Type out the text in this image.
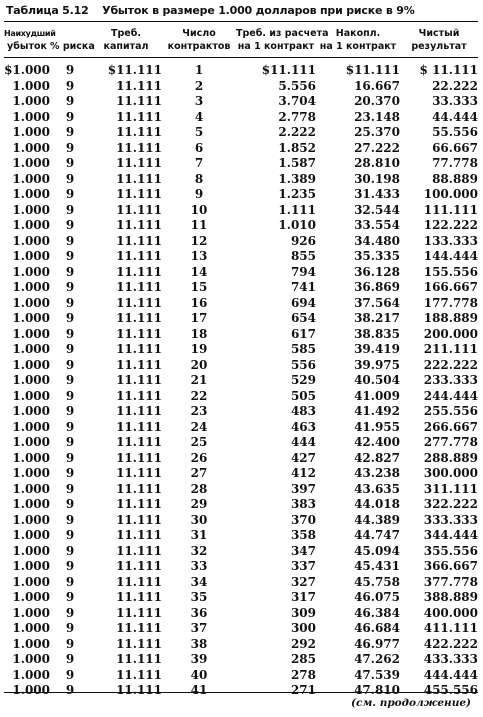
Таблица 5.12 Убыток в размере 1.000 долларов при риске в 9%
Наихудший		Треб.	Число	Треб. из расчета	Накопл.	Чистый
убыток	% риска	капитал	контрактов	на 1 контракт	на 1 контракт	результат
$1.000	9	$11.111	1	$11.111	$11.111	$ 11.111
1.000	9	11.111	2	5.556	16.667	22.222
1.000	9	11.111	3	3.704	20.370	33.333
1.000	9	11.111	4	2.778	23.148	44.444
1.000	9	11.111	5	2.222	25.370	55.556
1.000	9	11.111	6	1.852	27.222	66.667
1.000	9	11.111	7	1.587	28.810	77.778
1.000	9	11.111	8	1.389	30.198	88.889
1.000	9	11.111	9	1.235	31.433	100.000
1.000	9	11.111	10	1.111	32.544	111.111
1.000	9	11.111	11	1.010	33.554	122.222
1.000	9	11.111	12	926	34.480	133.333
1.000	9	11.111	13	855	35.335	144.444
1.000	9	11.111	14	794	36.128	155.556
1.000	9	11.111	15	741	36.869	166.667
1.000	9	11.111	16	694	37.564	177.778
1.000	9	11.111	17	654	38.217	188.889
1.000	9	11.111	18	617	38.835	200.000
1.000	9	11.111	19	585	39.419	211.111
1.000	9	11.111	20	556	39.975	222.222
1.000	9	11.111	21	529	40.504	233.333
1.000	9	11.111	22	505	41.009	244.444
1.000	9	11.111	23	483	41.492	255.556
1.000	9	11.111	24	463	41.955	266.667
1.000	9	11.111	25	444	42.400	277.778
1.000	9	11.111	26	427	42.827	288.889
1.000	9	11.111	27	412	43.238	300.000
1.000	9	11.111	28	397	43.635	311.111
1.000	9	11.111	29	383	44.018	322.222
1.000	9	11.111	30	370	44.389	333.333
1.000	9	11.111	31	358	44.747	344.444
1.000	9	11.111	32	347	45.094	355.556
1.000	9	11.111	33	337	45.431	366.667
1.000	9	11.111	34	327	45.758	377.778
1.000	9	11.111	35	317	46.075	388.889
1.000	9	11.111	36	309	46.384	400.000
1.000	9	11.111	37	300	46.684	411.111
1.000	9	11.111	38	292	46.977	422.222
1.000	9	11.111	39	285	47.262	433.333
1.000	9	11.111	40	278	47.539	444.444
1.000	9	11.111	41	271	47.810	455.556
(см. продолжение)
